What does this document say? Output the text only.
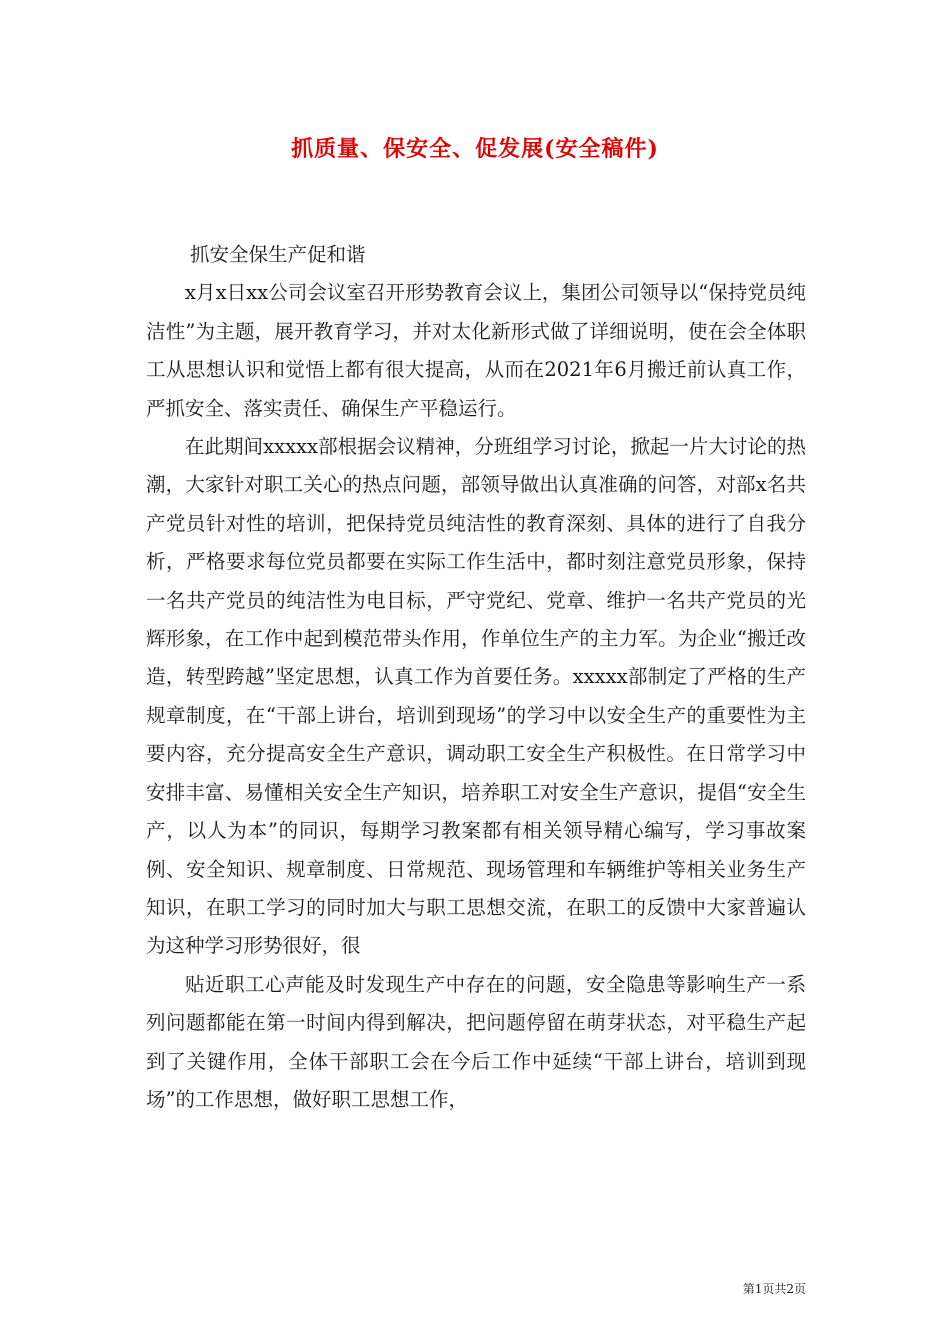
抓质量、保安全、促发展(安全稿件)

抓安全保生产促和谐

x月x日xx公司会议室召开形势教育会议上，集团公司领导以“保持党员纯洁性”为主题，展开教育学习，并对太化新形式做了详细说明，使在会全体职工从思想认识和觉悟上都有很大提高，从而在2021年6月搬迁前认真工作，严抓安全、落实责任、确保生产平稳运行。

在此期间xxxxx部根据会议精神，分班组学习讨论，掀起一片大讨论的热潮，大家针对职工关心的热点问题，部领导做出认真准确的问答，对部x名共产党员针对性的培训，把保持党员纯洁性的教育深刻、具体的进行了自我分析，严格要求每位党员都要在实际工作生活中，都时刻注意党员形象，保持一名共产党员的纯洁性为电目标，严守党纪、党章、维护一名共产党员的光辉形象，在工作中起到模范带头作用，作单位生产的主力军。为企业“搬迁改造，转型跨越”坚定思想，认真工作为首要任务。xxxxx部制定了严格的生产规章制度，在“干部上讲台，培训到现场”的学习中以安全生产的重要性为主要内容，充分提高安全生产意识，调动职工安全生产积极性。在日常学习中安排丰富、易懂相关安全生产知识，培养职工对安全生产意识，提倡“安全生产，以人为本”的同识，每期学习教案都有相关领导精心编写，学习事故案例、安全知识、规章制度、日常规范、现场管理和车辆维护等相关业务生产知识，在职工学习的同时加大与职工思想交流，在职工的反馈中大家普遍认为这种学习形势很好，很

贴近职工心声能及时发现生产中存在的问题，安全隐患等影响生产一系列问题都能在第一时间内得到解决，把问题停留在萌芽状态，对平稳生产起到了关键作用，全体干部职工会在今后工作中延续“干部上讲台，培训到现场”的工作思想，做好职工思想工作，

第1页共2页
